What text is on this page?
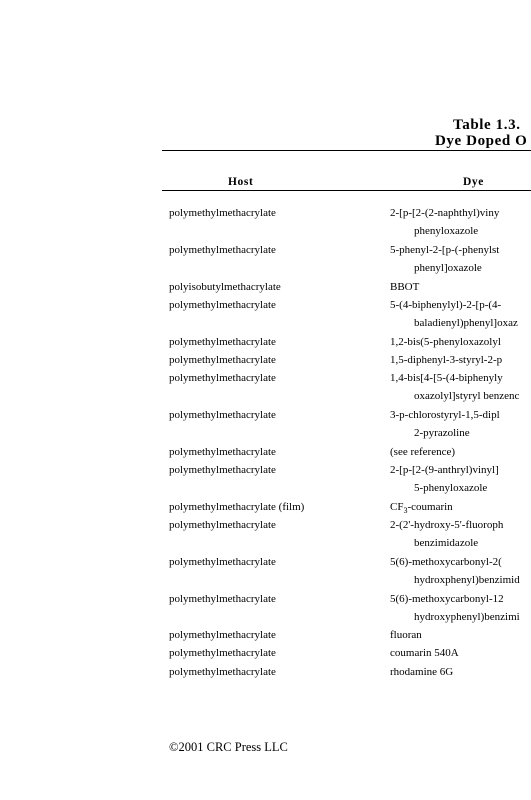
Table 1.3.
Dye Doped O
Host	Dye
polymethylmethacrylate	2-[p-[2-(2-naphthyl)viny
phenyloxazole
polymethylmethacrylate	5-phenyl-2-[p-(-phenylst
phenyl]oxazole
polyisobutylmethacrylate	BBOT
polymethylmethacrylate	5-(4-biphenylyl)-2-[p-(4-
baladienyl)phenyl]oxaz
polymethylmethacrylate	1,2-bis(5-phenyloxazolyl
polymethylmethacrylate	1,5-diphenyl-3-styryl-2-p
polymethylmethacrylate	1,4-bis[4-[5-(4-biphenyly
oxazolyl]styryl benzenc
polymethylmethacrylate	3-p-chlorostyryl-1,5-dipl
2-pyrazoline
polymethylmethacrylate	(see reference)
polymethylmethacrylate	2-[p-[2-(9-anthryl)vinyl]
5-phenyloxazole
polymethylmethacrylate (film)	$CF_3$-coumarin
polymethylmethacrylate	2-(2'-hydroxy-5'-fluoroph
benzimidazole
polymethylmethacrylate	5(6)-methoxycarbonyl-2(
hydroxphenyl)benzimid
polymethylmethacrylate	5(6)-methoxycarbonyl-12
hydroxyphenyl)benzimi
polymethylmethacrylate	fluoran
polymethylmethacrylate	coumarin 540A
polymethylmethacrylate	rhodamine 6G
©2001 CRC Press LLC
